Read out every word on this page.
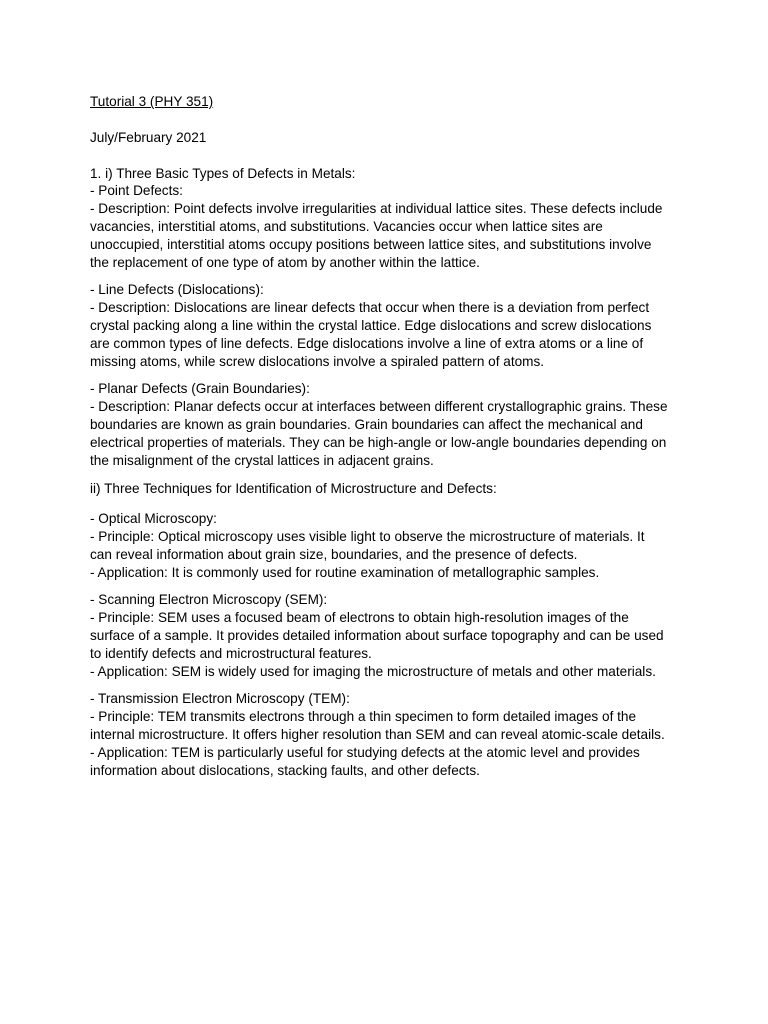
Tutorial 3 (PHY 351)
July/February 2021
1. i) Three Basic Types of Defects in Metals:
- Point Defects:
- Description: Point defects involve irregularities at individual lattice sites. These defects include
vacancies, interstitial atoms, and substitutions. Vacancies occur when lattice sites are
unoccupied, interstitial atoms occupy positions between lattice sites, and substitutions involve
the replacement of one type of atom by another within the lattice.
- Line Defects (Dislocations):
- Description: Dislocations are linear defects that occur when there is a deviation from perfect
crystal packing along a line within the crystal lattice. Edge dislocations and screw dislocations
are common types of line defects. Edge dislocations involve a line of extra atoms or a line of
missing atoms, while screw dislocations involve a spiraled pattern of atoms.
- Planar Defects (Grain Boundaries):
- Description: Planar defects occur at interfaces between different crystallographic grains. These
boundaries are known as grain boundaries. Grain boundaries can affect the mechanical and
electrical properties of materials. They can be high-angle or low-angle boundaries depending on
the misalignment of the crystal lattices in adjacent grains.
ii) Three Techniques for Identification of Microstructure and Defects:
- Optical Microscopy:
- Principle: Optical microscopy uses visible light to observe the microstructure of materials. It
can reveal information about grain size, boundaries, and the presence of defects.
- Application: It is commonly used for routine examination of metallographic samples.
- Scanning Electron Microscopy (SEM):
- Principle: SEM uses a focused beam of electrons to obtain high-resolution images of the
surface of a sample. It provides detailed information about surface topography and can be used
to identify defects and microstructural features.
- Application: SEM is widely used for imaging the microstructure of metals and other materials.
- Transmission Electron Microscopy (TEM):
- Principle: TEM transmits electrons through a thin specimen to form detailed images of the
internal microstructure. It offers higher resolution than SEM and can reveal atomic-scale details.
- Application: TEM is particularly useful for studying defects at the atomic level and provides
information about dislocations, stacking faults, and other defects.
